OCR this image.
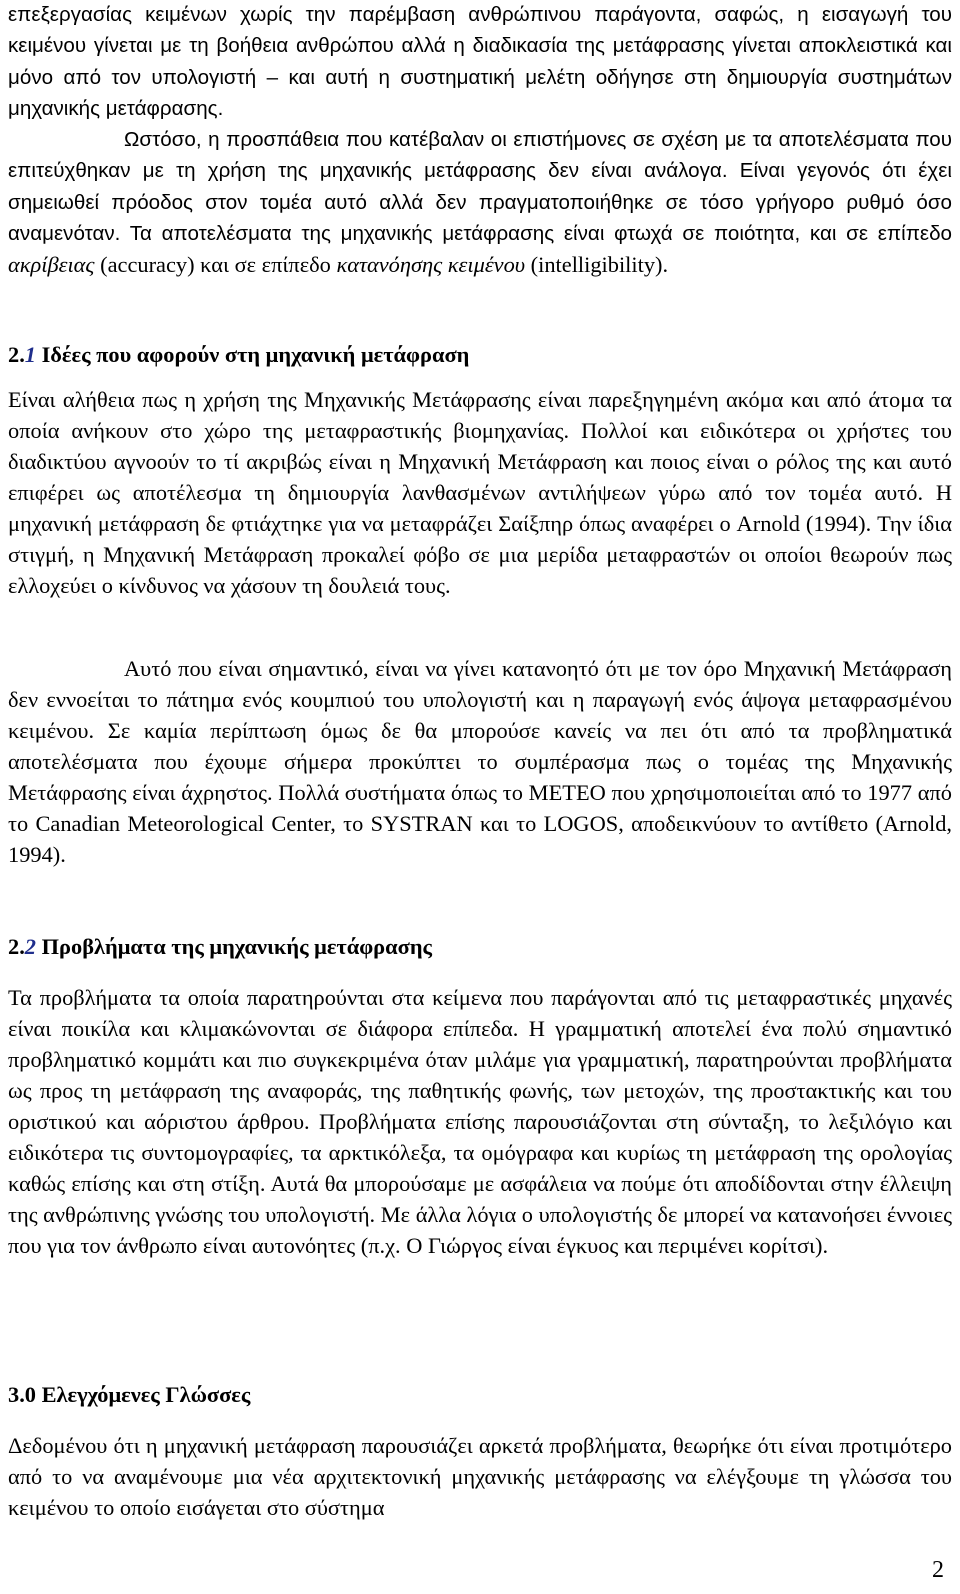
επεξεργασίας κειμένων χωρίς την παρέμβαση ανθρώπινου παράγοντα, σαφώς, η εισαγωγή του κειμένου γίνεται με τη βοήθεια ανθρώπου αλλά η διαδικασία της μετάφρασης γίνεται αποκλειστικά και μόνο από τον υπολογιστή – και αυτή η συστηματική μελέτη οδήγησε στη δημιουργία συστημάτων μηχανικής μετάφρασης.
Ωστόσο, η προσπάθεια που κατέβαλαν οι επιστήμονες σε σχέση με τα αποτελέσματα που επιτεύχθηκαν με τη χρήση της μηχανικής μετάφρασης δεν είναι ανάλογα. Είναι γεγονός ότι έχει σημειωθεί πρόοδος στον τομέα αυτό αλλά δεν πραγματοποιήθηκε σε τόσο γρήγορο ρυθμό όσο αναμενόταν. Τα αποτελέσματα της μηχανικής μετάφρασης είναι φτωχά σε ποιότητα, και σε επίπεδο ακρίβειας (accuracy) και σε επίπεδο κατανόησης κειμένου (intelligibility).

2.1 Ιδέες που αφορούν στη μηχανική μετάφραση

Είναι αλήθεια πως η χρήση της Μηχανικής Μετάφρασης είναι παρεξηγημένη ακόμα και από άτομα τα οποία ανήκουν στο χώρο της μεταφραστικής βιομηχανίας. Πολλοί και ειδικότερα οι χρήστες του διαδικτύου αγνοούν το τί ακριβώς είναι η Μηχανική Μετάφραση και ποιος είναι ο ρόλος της και αυτό επιφέρει ως αποτέλεσμα τη δημιουργία λανθασμένων αντιλήψεων γύρω από τον τομέα αυτό. Η μηχανική μετάφραση δε φτιάχτηκε για να μεταφράζει Σαίξπηρ όπως αναφέρει ο Arnold (1994). Την ίδια στιγμή, η Μηχανική Μετάφραση προκαλεί φόβο σε μια μερίδα μεταφραστών οι οποίοι θεωρούν πως ελλοχεύει ο κίνδυνος να χάσουν τη δουλειά τους.

Αυτό που είναι σημαντικό, είναι να γίνει κατανοητό ότι με τον όρο Μηχανική Μετάφραση δεν εννοείται το πάτημα ενός κουμπιού του υπολογιστή και η παραγωγή ενός άψογα μεταφρασμένου κειμένου. Σε καμία περίπτωση όμως δε θα μπορούσε κανείς να πει ότι από τα προβληματικά αποτελέσματα που έχουμε σήμερα προκύπτει το συμπέρασμα πως ο τομέας της Μηχανικής Μετάφρασης είναι άχρηστος. Πολλά συστήματα όπως το METEO που χρησιμοποιείται από το 1977 από το Canadian Meteorological Center, το SYSTRAN και το LOGOS, αποδεικνύουν το αντίθετο (Arnold, 1994).

2.2 Προβλήματα της μηχανικής μετάφρασης

Τα προβλήματα τα οποία παρατηρούνται στα κείμενα που παράγονται από τις μεταφραστικές μηχανές είναι ποικίλα και κλιμακώνονται σε διάφορα επίπεδα. Η γραμματική αποτελεί ένα πολύ σημαντικό προβληματικό κομμάτι και πιο συγκεκριμένα όταν μιλάμε για γραμματική, παρατηρούνται προβλήματα ως προς τη μετάφραση της αναφοράς, της παθητικής φωνής, των μετοχών, της προστακτικής και του οριστικού και αόριστου άρθρου. Προβλήματα επίσης παρουσιάζονται στη σύνταξη, το λεξιλόγιο και ειδικότερα τις συντομογραφίες, τα αρκτικόλεξα, τα ομόγραφα και κυρίως τη μετάφραση της ορολογίας καθώς επίσης και στη στίξη. Αυτά θα μπορούσαμε με ασφάλεια να πούμε ότι αποδίδονται στην έλλειψη της ανθρώπινης γνώσης του υπολογιστή. Με άλλα λόγια ο υπολογιστής δε μπορεί να κατανοήσει έννοιες που για τον άνθρωπο είναι αυτονόητες (π.χ. Ο Γιώργος είναι έγκυος και περιμένει κορίτσι).

3.0 Ελεγχόμενες Γλώσσες

Δεδομένου ότι η μηχανική μετάφραση παρουσιάζει αρκετά προβλήματα, θεωρήκε ότι είναι προτιμότερο από το να αναμένουμε μια νέα αρχιτεκτονική μηχανικής μετάφρασης να ελέγξουμε τη γλώσσα του κειμένου το οποίο εισάγεται στο σύστημα

2
